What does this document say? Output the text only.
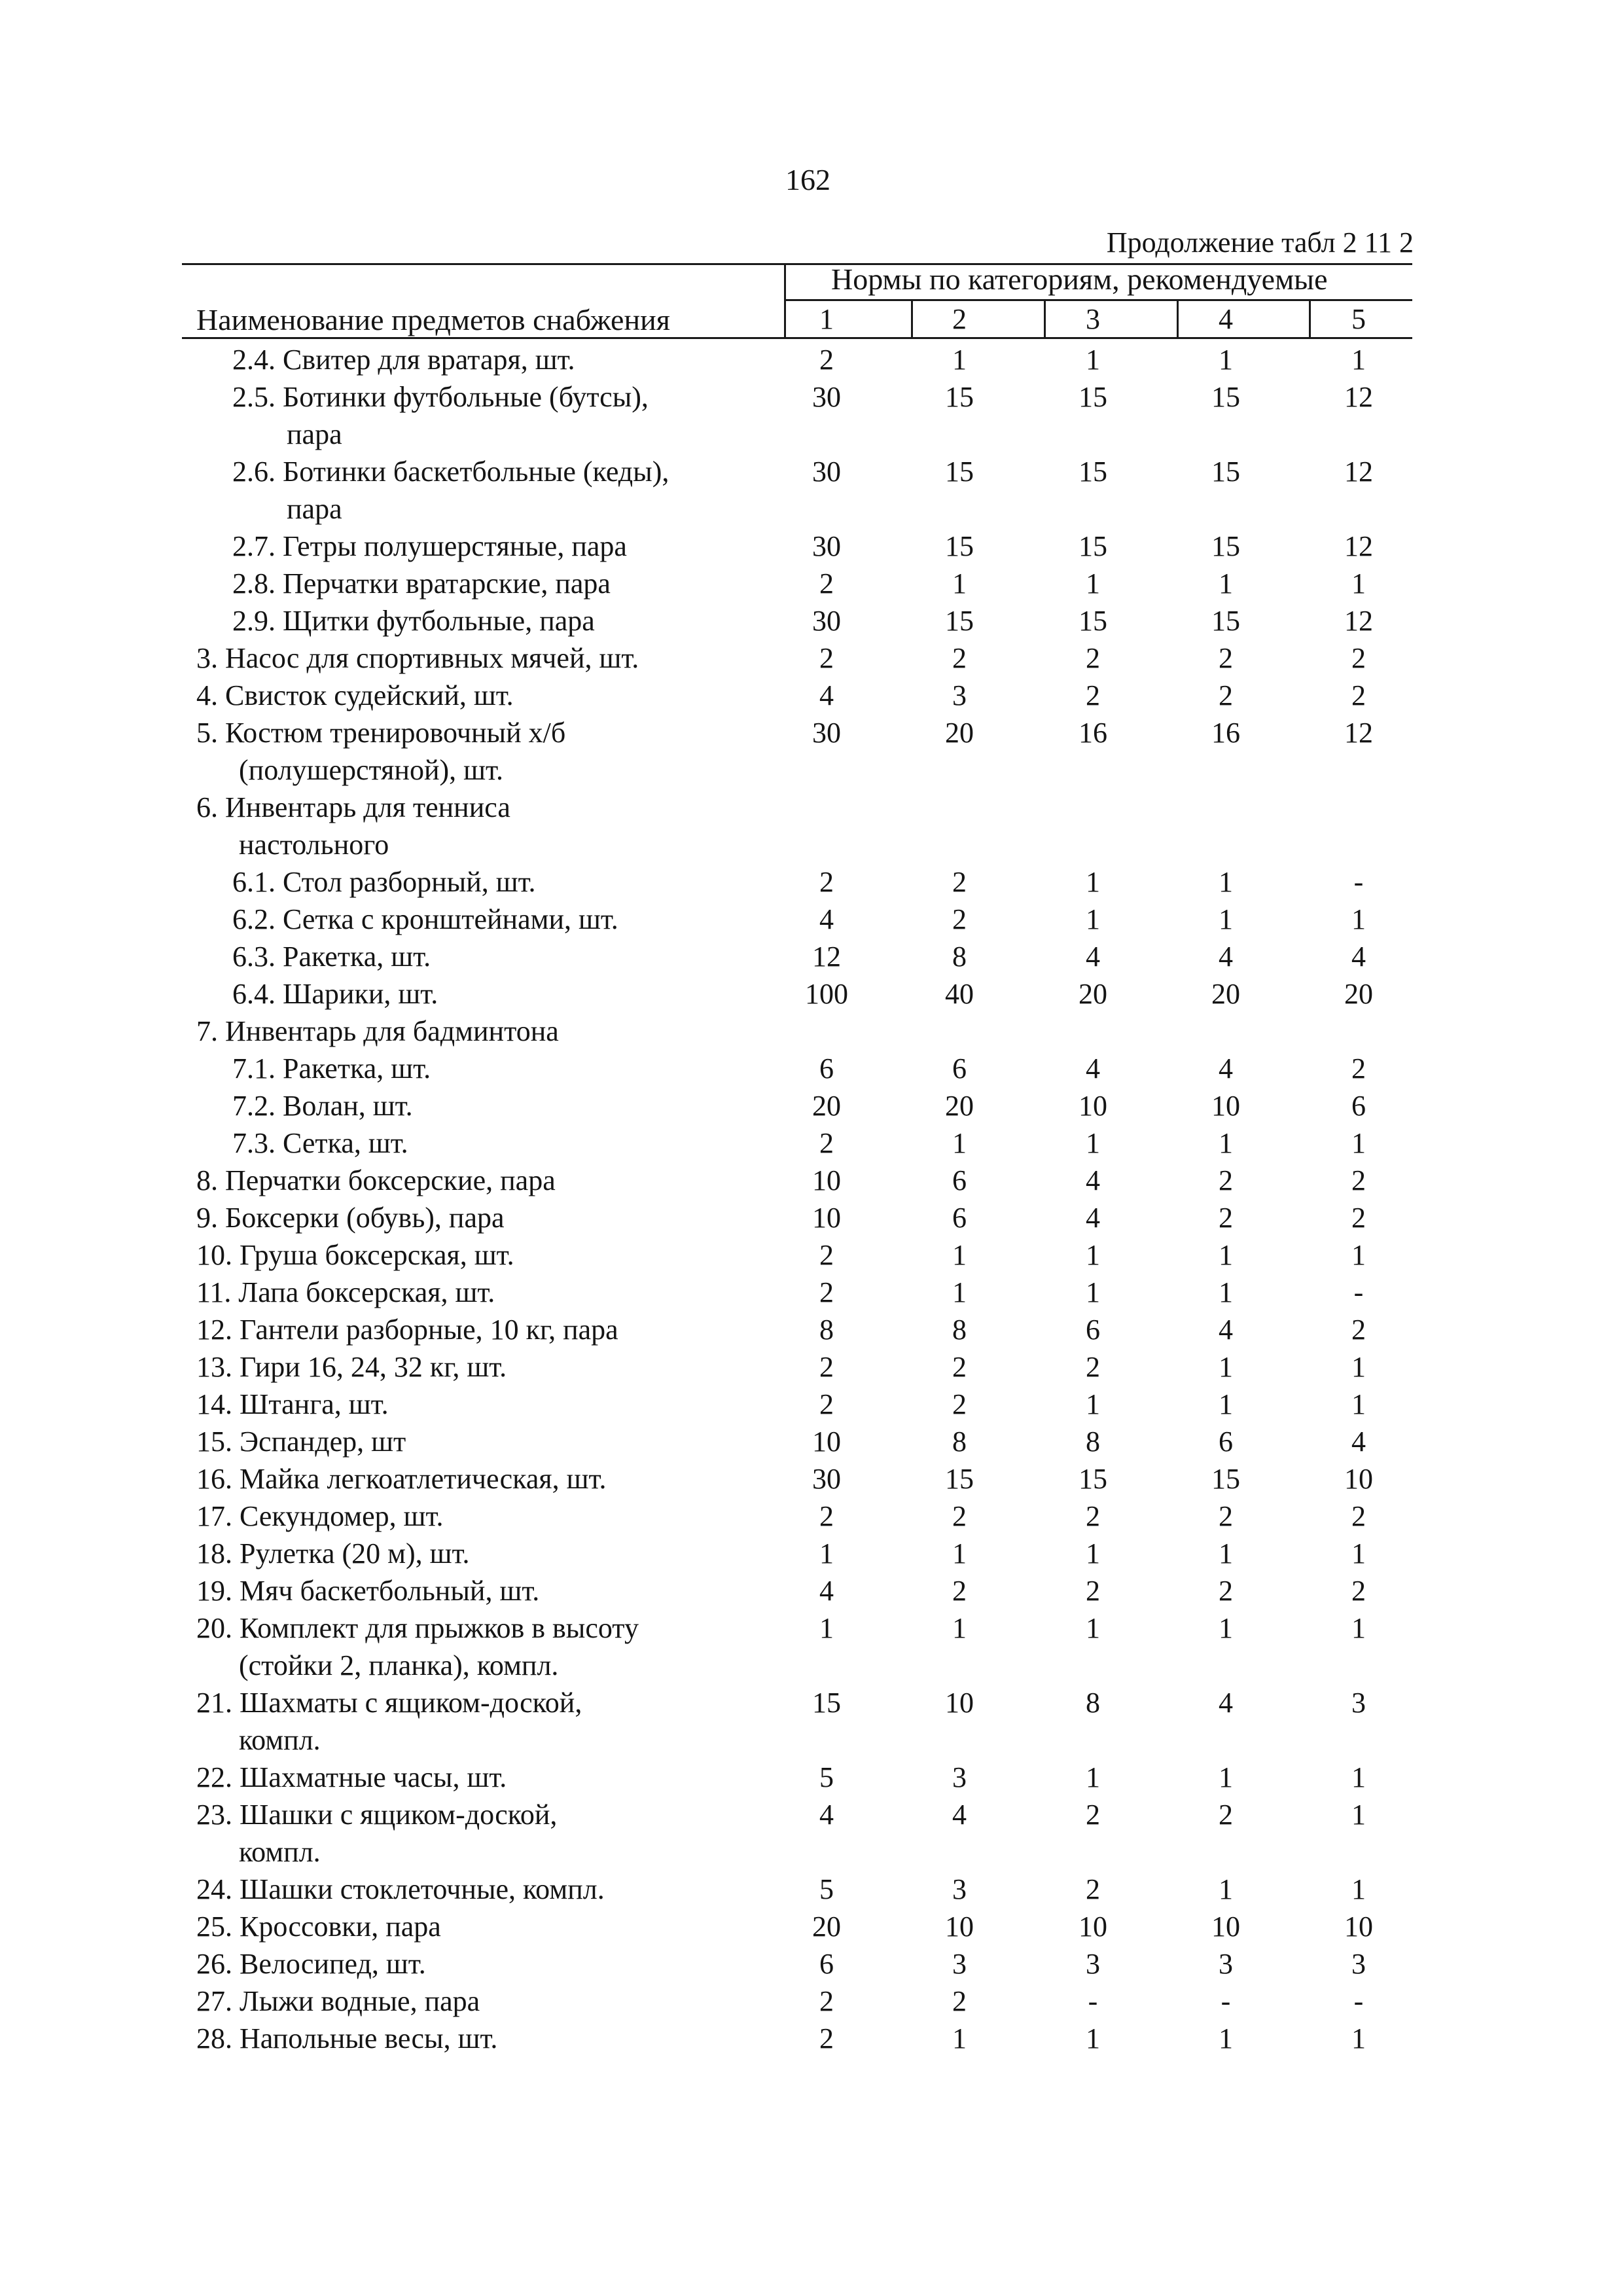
162
Продолжение табл 2 11 2
Нормы по категориям, рекомендуемые
Наименование предметов снабжения	1	2	3	4	5
2.4. Свитер для вратаря, шт.	2	1	1	1	1
2.5. Ботинки футбольные (бутсы),	30	15	15	15	12
пара
2.6. Ботинки баскетбольные (кеды),	30	15	15	15	12
пара
2.7. Гетры полушерстяные, пара	30	15	15	15	12
2.8. Перчатки вратарские, пара	2	1	1	1	1
2.9. Щитки футбольные, пара	30	15	15	15	12
3. Насос для спортивных мячей, шт.	2	2	2	2	2
4. Свисток судейский, шт.	4	3	2	2	2
5. Костюм тренировочный х/б	30	20	16	16	12
(полушерстяной), шт.
6. Инвентарь для тенниса
настольного
6.1. Стол разборный, шт.	2	2	1	1	-
6.2. Сетка с кронштейнами, шт.	4	2	1	1	1
6.3. Ракетка, шт.	12	8	4	4	4
6.4. Шарики, шт.	100	40	20	20	20
7. Инвентарь для бадминтона
7.1. Ракетка, шт.	6	6	4	4	2
7.2. Волан, шт.	20	20	10	10	6
7.3. Сетка, шт.	2	1	1	1	1
8. Перчатки боксерские, пара	10	6	4	2	2
9. Боксерки (обувь), пара	10	6	4	2	2
10. Груша боксерская, шт.	2	1	1	1	1
11. Лапа боксерская, шт.	2	1	1	1	-
12. Гантели разборные, 10 кг, пара	8	8	6	4	2
13. Гири 16, 24, 32 кг, шт.	2	2	2	1	1
14. Штанга, шт.	2	2	1	1	1
15. Эспандер, шт	10	8	8	6	4
16. Майка легкоатлетическая, шт.	30	15	15	15	10
17. Секундомер, шт.	2	2	2	2	2
18. Рулетка (20 м), шт.	1	1	1	1	1
19. Мяч баскетбольный, шт.	4	2	2	2	2
20. Комплект для прыжков в высоту	1	1	1	1	1
(стойки 2, планка), компл.
21. Шахматы с ящиком-доской,	15	10	8	4	3
компл.
22. Шахматные часы, шт.	5	3	1	1	1
23. Шашки с ящиком-доской,	4	4	2	2	1
компл.
24. Шашки стоклеточные, компл.	5	3	2	1	1
25. Кроссовки, пара	20	10	10	10	10
26. Велосипед, шт.	6	3	3	3	3
27. Лыжи водные, пара	2	2	-	-	-
28. Напольные весы, шт.	2	1	1	1	1
